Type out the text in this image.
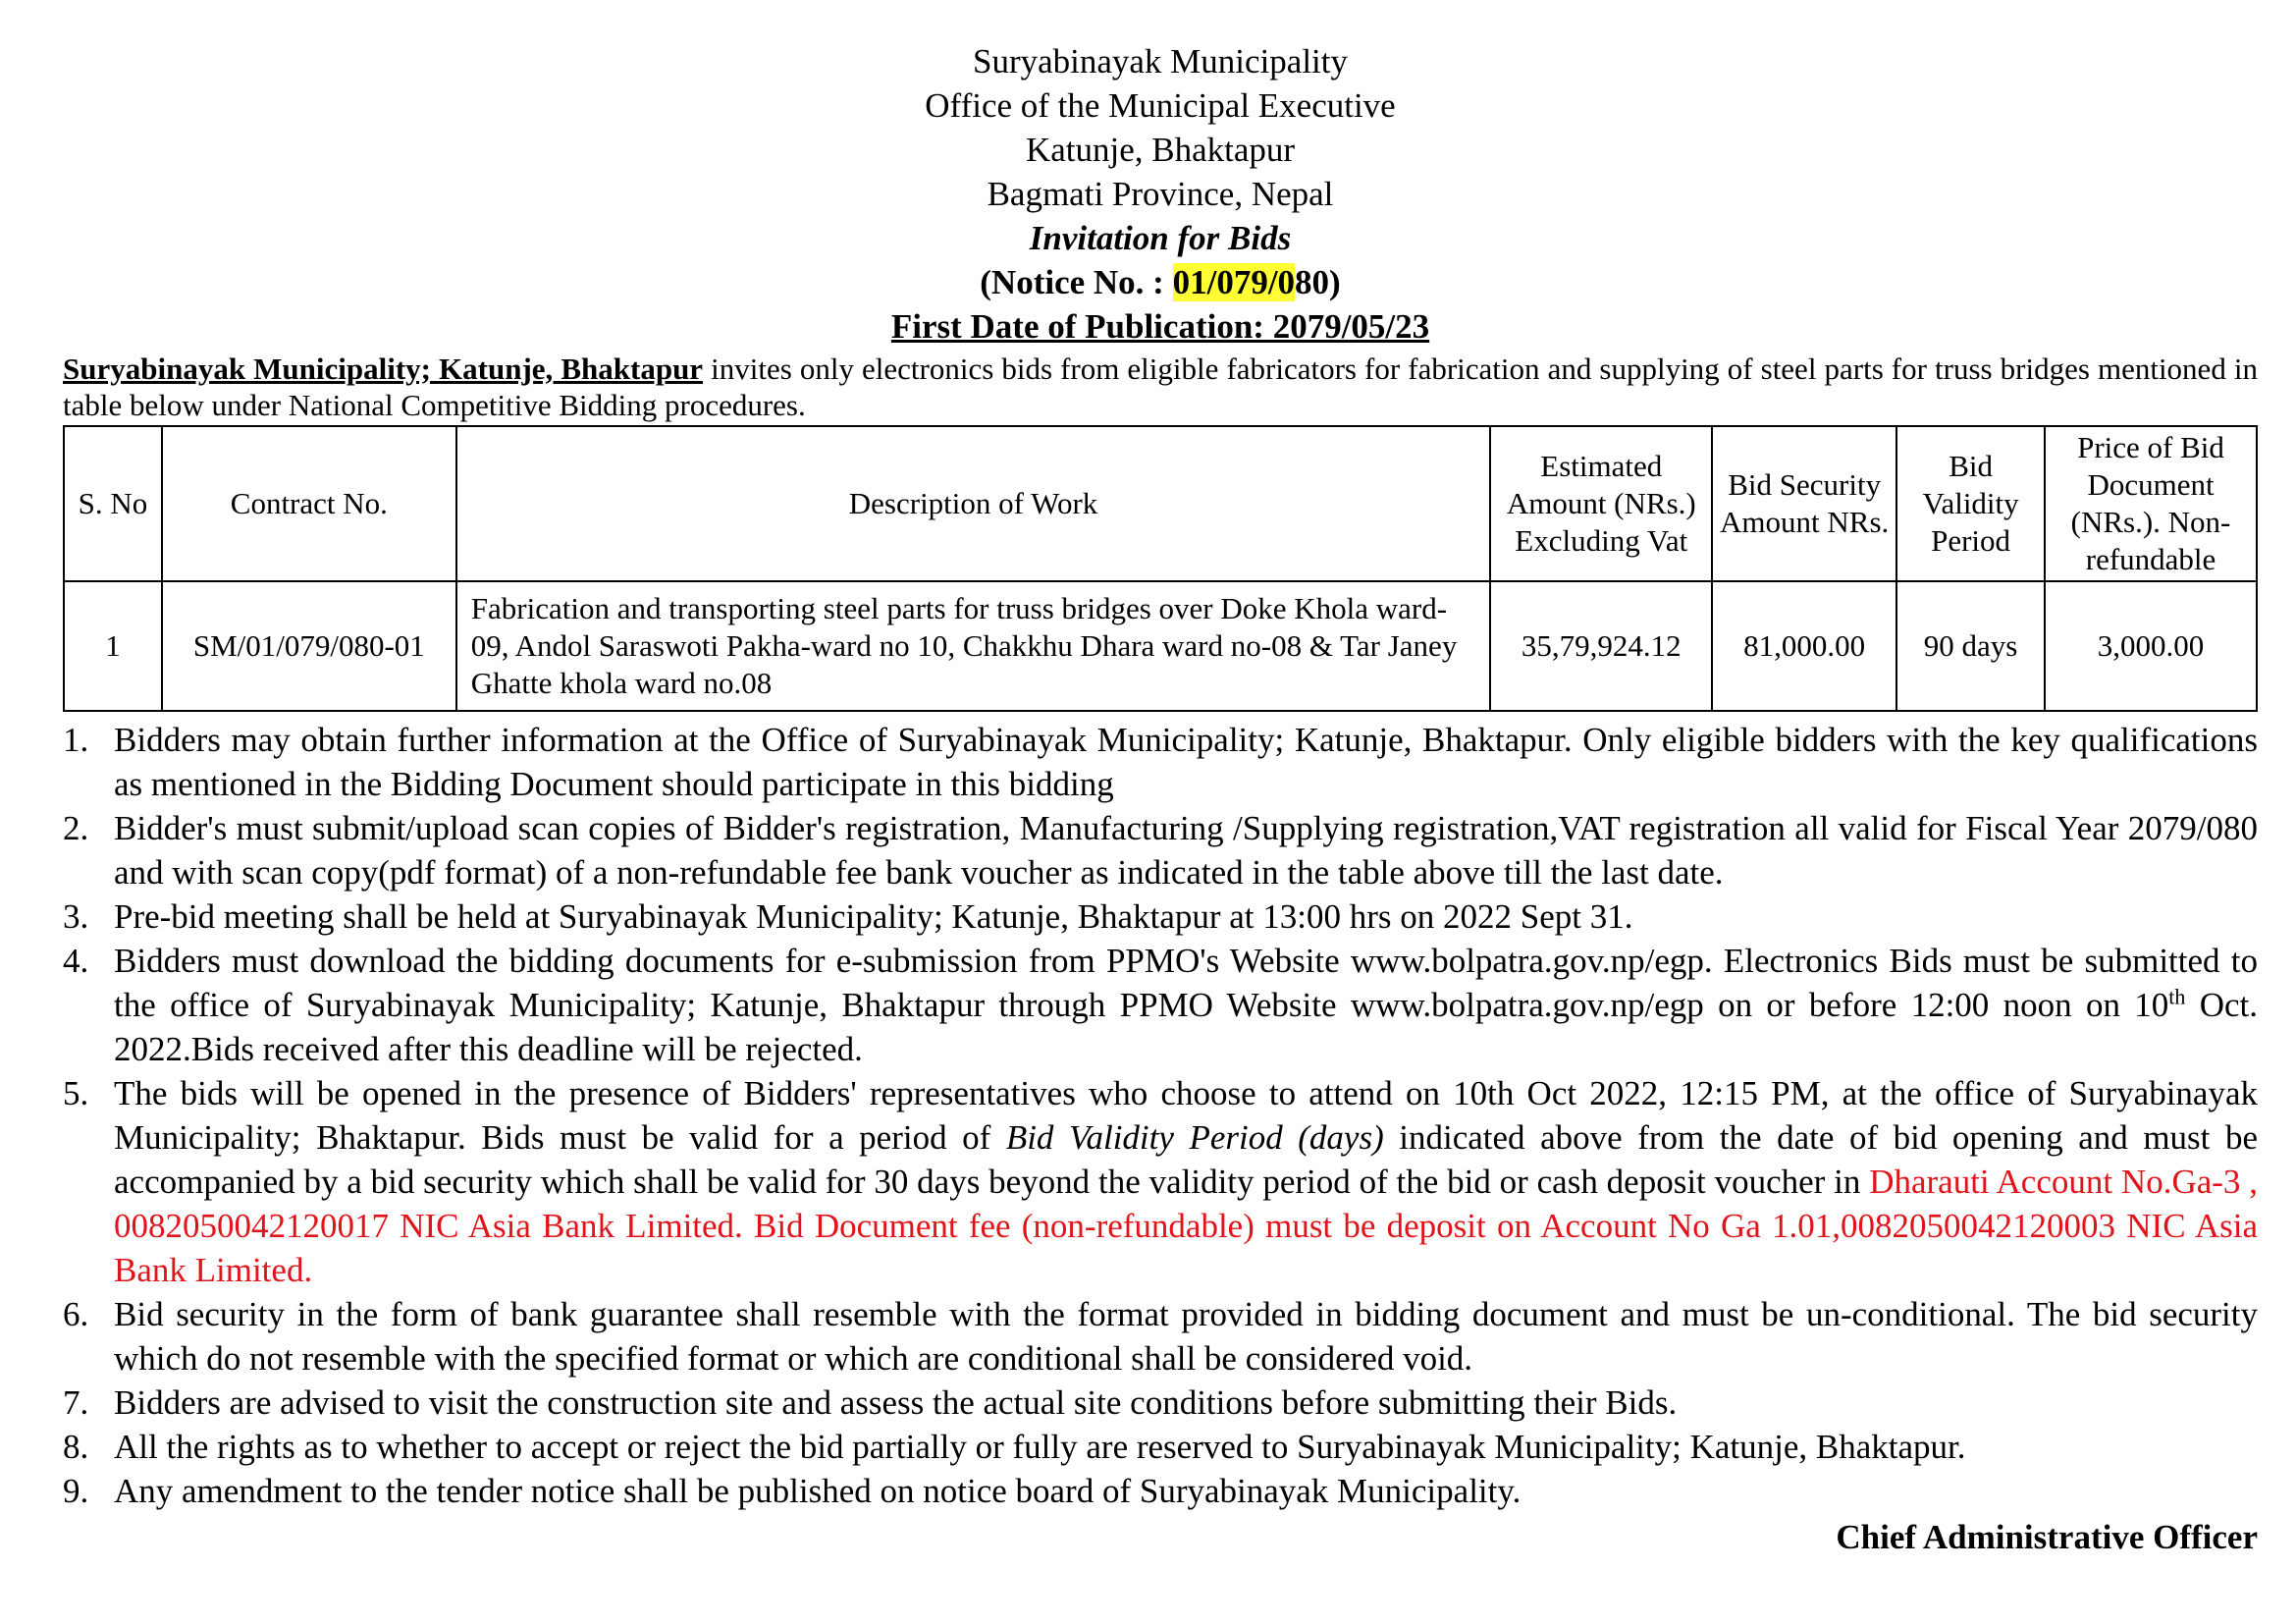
Suryabinayak Municipality
Office of the Municipal Executive
Katunje, Bhaktapur
Bagmati Province, Nepal
Invitation for Bids
(Notice No. : 01/079/080)
First Date of Publication: 2079/05/23
Suryabinayak Municipality; Katunje, Bhaktapur invites only electronics bids from eligible fabricators for fabrication and supplying of steel parts for truss bridges mentioned in table below under National Competitive Bidding procedures.
S. No	Contract No.	Description of Work	Estimated Amount (NRs.) Excluding Vat	Bid Security Amount NRs.	Bid Validity Period	Price of Bid Document (NRs.). Non-refundable
1	SM/01/079/080-01	Fabrication and transporting steel parts for truss bridges over Doke Khola ward-09, Andol Saraswoti Pakha-ward no 10, Chakkhu Dhara ward no-08 & Tar Janey Ghatte khola ward no.08	35,79,924.12	81,000.00	90 days	3,000.00
1. Bidders may obtain further information at the Office of Suryabinayak Municipality; Katunje, Bhaktapur. Only eligible bidders with the key qualifications as mentioned in the Bidding Document should participate in this bidding
2. Bidder's must submit/upload scan copies of Bidder's registration, Manufacturing /Supplying registration,VAT registration all valid for Fiscal Year 2079/080 and with scan copy(pdf format) of a non-refundable fee bank voucher as indicated in the table above till the last date.
3. Pre-bid meeting shall be held at Suryabinayak Municipality; Katunje, Bhaktapur at 13:00 hrs on 2022 Sept 31.
4. Bidders must download the bidding documents for e-submission from PPMO's Website www.bolpatra.gov.np/egp. Electronics Bids must be submitted to the office of Suryabinayak Municipality; Katunje, Bhaktapur through PPMO Website www.bolpatra.gov.np/egp on or before 12:00 noon on 10th Oct. 2022.Bids received after this deadline will be rejected.
5. The bids will be opened in the presence of Bidders' representatives who choose to attend on 10th Oct 2022, 12:15 PM, at the office of Suryabinayak Municipality; Bhaktapur. Bids must be valid for a period of Bid Validity Period (days) indicated above from the date of bid opening and must be accompanied by a bid security which shall be valid for 30 days beyond the validity period of the bid or cash deposit voucher in Dharauti Account No.Ga-3 , 0082050042120017 NIC Asia Bank Limited. Bid Document fee (non-refundable) must be deposit on Account No Ga 1.01,0082050042120003 NIC Asia Bank Limited.
6. Bid security in the form of bank guarantee shall resemble with the format provided in bidding document and must be un-conditional. The bid security which do not resemble with the specified format or which are conditional shall be considered void.
7. Bidders are advised to visit the construction site and assess the actual site conditions before submitting their Bids.
8. All the rights as to whether to accept or reject the bid partially or fully are reserved to Suryabinayak Municipality; Katunje, Bhaktapur.
9. Any amendment to the tender notice shall be published on notice board of Suryabinayak Municipality.
Chief Administrative Officer
